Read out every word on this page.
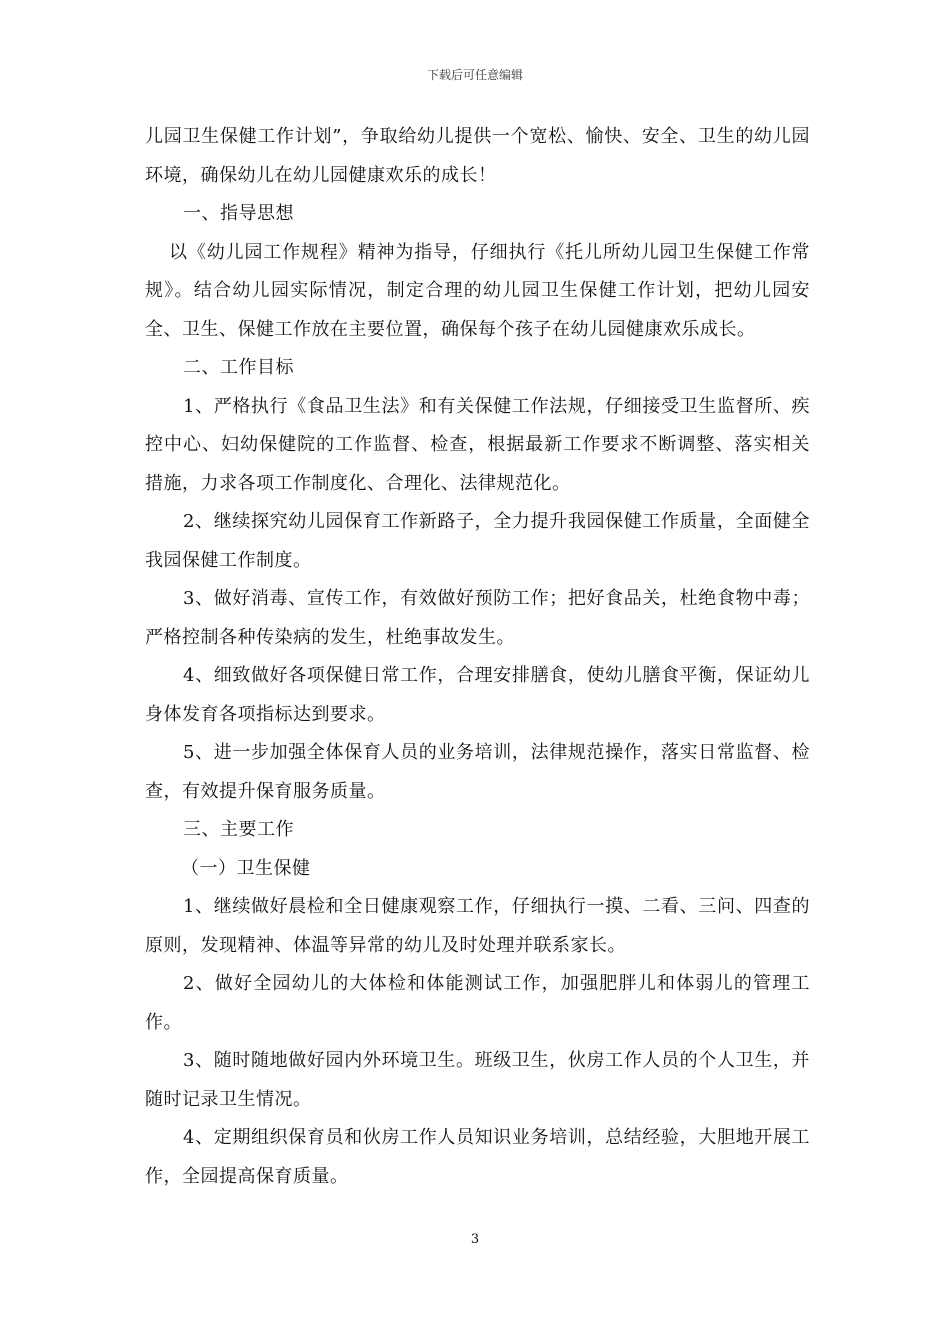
下载后可任意编辑

儿园卫生保健工作计划”，争取给幼儿提供一个宽松、愉快、安全、卫生的幼儿园环境，确保幼儿在幼儿园健康欢乐的成长！

一、指导思想

以《幼儿园工作规程》精神为指导，仔细执行《托儿所幼儿园卫生保健工作常规》。结合幼儿园实际情况，制定合理的幼儿园卫生保健工作计划，把幼儿园安全、卫生、保健工作放在主要位置，确保每个孩子在幼儿园健康欢乐成长。

二、工作目标

1、严格执行《食品卫生法》和有关保健工作法规，仔细接受卫生监督所、疾控中心、妇幼保健院的工作监督、检查，根据最新工作要求不断调整、落实相关措施，力求各项工作制度化、合理化、法律规范化。

2、继续探究幼儿园保育工作新路子，全力提升我园保健工作质量，全面健全我园保健工作制度。

3、做好消毒、宣传工作，有效做好预防工作；把好食品关，杜绝食物中毒；严格控制各种传染病的发生，杜绝事故发生。

4、细致做好各项保健日常工作，合理安排膳食，使幼儿膳食平衡，保证幼儿身体发育各项指标达到要求。

5、进一步加强全体保育人员的业务培训，法律规范操作，落实日常监督、检查，有效提升保育服务质量。

三、主要工作

（一）卫生保健

1、继续做好晨检和全日健康观察工作，仔细执行一摸、二看、三问、四查的原则，发现精神、体温等异常的幼儿及时处理并联系家长。

2、做好全园幼儿的大体检和体能测试工作，加强肥胖儿和体弱儿的管理工作。

3、随时随地做好园内外环境卫生。班级卫生，伙房工作人员的个人卫生，并随时记录卫生情况。

4、定期组织保育员和伙房工作人员知识业务培训，总结经验，大胆地开展工作，全园提高保育质量。

3
